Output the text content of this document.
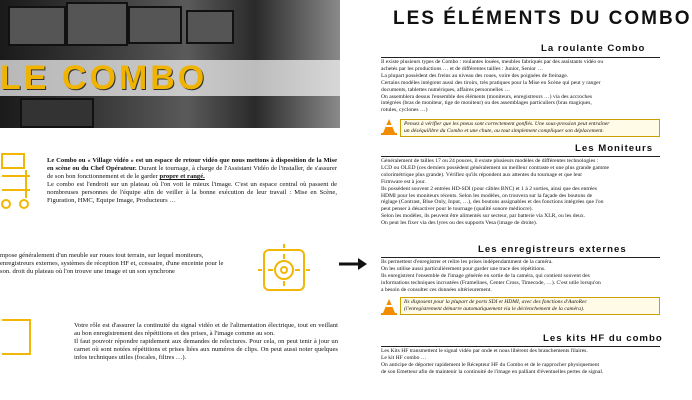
LE COMBO
Le Combo ou « Village vidéo » est un espace de retour vidéo que nous mettons à disposition de la Mise en scène ou du Chef Opérateur. Durant le tournage, à charge de l'Assistant Vidéo de l'installer, de s'assurer de son bon fonctionnement et de le garder propre et rangé.
Le combo est l'endroit sur un plateau où l'on voit le mieux l'image. C'est un espace central où passent de nombreuses personnes de l'équipe afin de veiller à la bonne exécution de leur travail : Mise en Scène, Figuration, HMC, Equipe Image, Producteurs …
mpose généralement d'un meuble sur roues tout terrain, sur lequel moniteurs, enregistreurs externes, systèmes de réception HF et, ccessaire, d'une enceinte pour le son. droit du plateau où l'on trouve une image et un son synchrone
Votre rôle est d'assurer la continuité du signal vidéo et de l'alimentation électrique, tout en veillant au bon enregistrement des répétitions et des prises, à l'image comme au son.
Il faut pouvoir répondre rapidement aux demandes de relectures. Pour cela, on peut tenir à jour un carnet où sont notées répétitions et prises liées aux numéros de clips. On peut aussi noter quelques infos techniques utiles (focales, filtres …).
LES ÉLÉMENTS DU COMBO
La roulante Combo
Il existe plusieurs types de Combo : roulantes louées, meubles fabriqués par des assistants vidéo ou
achetés par les productions … et de différentes tailles : Junior, Senior …
La plupart possèdent des freins au niveau des roues, voire des poignées de freinage.
Certains modèles intègrent aussi des tiroirs, très pratiques pour la Mise en Scène qui peut y ranger
documents, tablettes numériques, affaires personnelles …
On assemblera dessus l'ensemble des éléments (moniteurs, enregistreurs …) via des accroches
intégrées (bras de moniteur, tige de moniteur) ou des assemblages particuliers (bras magiques,
rotules, cyclones …)
Pensez à vérifier que les pneus sont correctement gonflés. Une sous-pression peut entraîner
un déséquilibre du Combo et une chute, ou tout simplement compliquer son déplacement.
Les Moniteurs
Généralement de tailles 17 ou 24 pouces, il existe plusieurs modèles de différentes technologies :
LCD ou OLED (ces derniers possèdent généralement un meilleur contraste et une plus grande gamme
colorimétrique plus grande). Vérifiez qu'ils répondent aux attentes du tournage et que leur
Firmware est à jour.
Ils possèdent souvent 2 entrées HD-SDI (pour câbles BNC) et 1 à 2 sorties, ainsi que des entrées
HDMI pour les moniteurs récents. Selon les modèles, on trouvera sur la façade des boutons de
réglage (Contrast, Blue Only, Input, …), des boutons assignables et des fonctions intégrées que l'on
peut penser à désactiver pour le tournage (qualité sonore médiocre).
Selon les modèles, ils peuvent être alimentés sur secteur, par batterie via XLR, ou les deux.
On peut les fixer via des lyres ou des supports Vesa (image de droite).
Les enregistreurs externes
Ils permettent d'enregistrer et relire les prises indépendamment de la caméra.
On les utilise aussi particulièrement pour garder une trace des répétitions.
Ils enregistrent l'ensemble de l'image générée en sortie de la caméra, qui contient souvent des
informations techniques incrustées (Framelines, Center Cross, Timecode, …). C'est utile lorsqu'on
a besoin de consulter ces données ultérieurement.
Ils disposent pour la plupart de ports SDI et HDMI, avec des fonctions d'AutoRec
(l'enregistrement démarre automatiquement via le déclenchement de la caméra).
Les kits HF du combo
Les Kits HF transmettent le signal vidéo par onde et nous libèrent des branchements filaires.
Le kit HF combo …
On anticipe de déporter rapidement le Récepteur HF du Combo et de le rapprocher physiquement
de son Emetteur afin de maintenir la continuité de l'image en palliant d'éventuelles pertes de signal.
